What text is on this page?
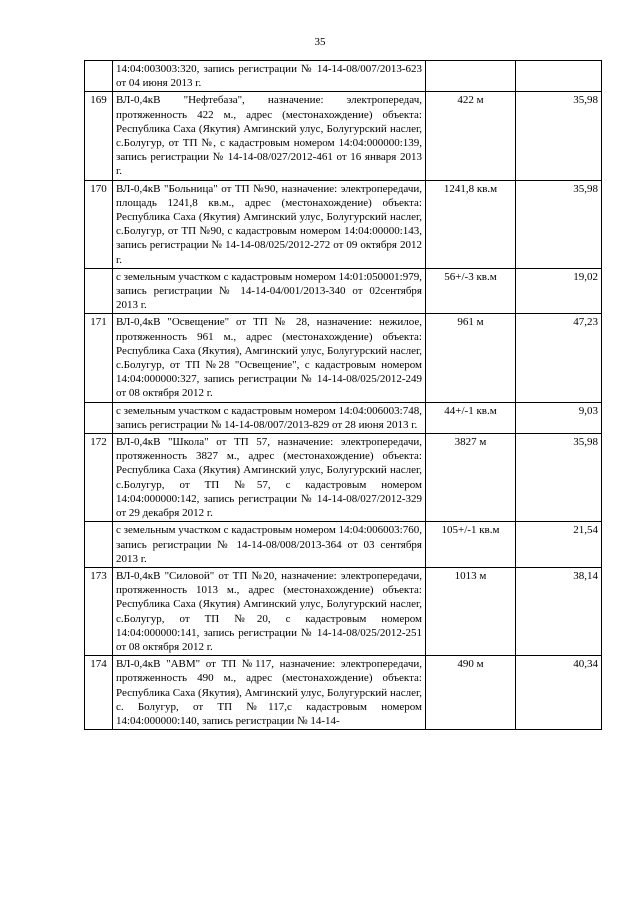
35
	14:04:003003:320, запись регистрации № 14-14-08/007/2013-623 от 04 июня 2013 г.		
169	ВЛ-0,4кВ "Нефтебаза", назначение: электропередач, протяженность 422 м., адрес (местонахождение) объекта: Республика Саха (Якутия) Амгинский улус, Болугурский наслег, с.Болугур, от ТП №, с кадастровым номером 14:04:000000:139, запись регистрации № 14-14-08/027/2012-461 от 16 января 2013 г.	422 м	35,98
170	ВЛ-0,4кВ "Больница" от ТП №90, назначение: электропередачи, площадь 1241,8 кв.м., адрес (местонахождение) объекта: Республика Саха (Якутия) Амгинский улус, Болугурский наслег, с.Болугур, от ТП №90, с кадастровым номером 14:04:00000:143, запись регистрации № 14-14-08/025/2012-272 от 09 октября 2012 г.	1241,8 кв.м	35,98
	с земельным участком с кадастровым номером 14:01:050001:979, запись регистрации № 14-14-04/001/2013-340 от 02сентября 2013 г.	56+/-3 кв.м	19,02
171	ВЛ-0,4кВ "Освещение" от ТП № 28, назначение: нежилое, протяженность 961 м., адрес (местонахождение) объекта: Республика Саха (Якутия), Амгинский улус, Болугурский наслег, с.Болугур, от ТП №28 "Освещение", с кадастровым номером 14:04:000000:327, запись регистрации № 14-14-08/025/2012-249 от 08 октября 2012 г.	961 м	47,23
	с земельным участком с кадастровым номером 14:04:006003:748, запись регистрации № 14-14-08/007/2013-829 от 28 июня 2013 г.	44+/-1 кв.м	9,03
172	ВЛ-0,4кВ "Школа" от ТП 57, назначение: электропередачи, протяженность 3827 м., адрес (местонахождение) объекта: Республика Саха (Якутия) Амгинский улус, Болугурский наслег, с.Болугур, от ТП №57, с кадастровым номером 14:04:000000:142, запись регистрации № 14-14-08/027/2012-329 от 29 декабря 2012 г.	3827 м	35,98
	с земельным участком с кадастровым номером 14:04:006003:760, запись регистрации № 14-14-08/008/2013-364 от 03 сентября 2013 г.	105+/-1 кв.м	21,54
173	ВЛ-0,4кВ "Силовой" от ТП №20, назначение: электропередачи, протяженность 1013 м., адрес (местонахождение) объекта: Республика Саха (Якутия) Амгинский улус, Болугурский наслег, с.Болугур, от ТП №20, с кадастровым номером 14:04:000000:141, запись регистрации № 14-14-08/025/2012-251 от 08 октября 2012 г.	1013 м	38,14
174	ВЛ-0,4кВ "АВМ" от ТП №117, назначение: электропередачи, протяженность 490 м., адрес (местонахождение) объекта: Республика Саха (Якутия), Амгинский улус, Болугурский наслег, с. Болугур, от ТП №117,с кадастровым номером 14:04:000000:140, запись регистрации № 14-14-	490 м	40,34
